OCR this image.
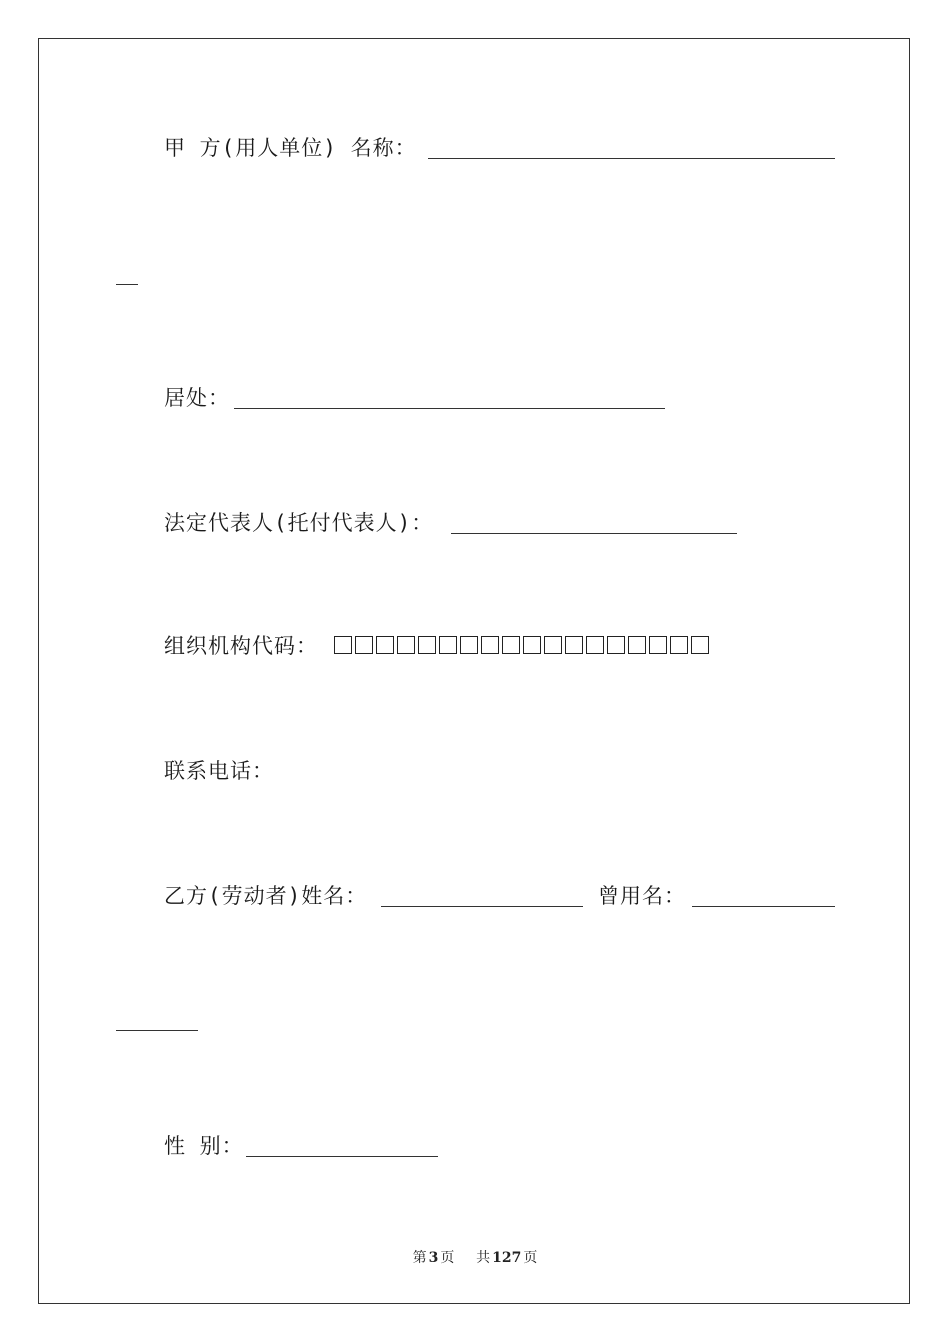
甲 方(用人单位) 名称：
居处：
法定代表人(托付代表人)：
组织机构代码：
联系电话：
乙方(劳动者)姓名：	曾用名：
性 别：
第 3 页 共 127 页
